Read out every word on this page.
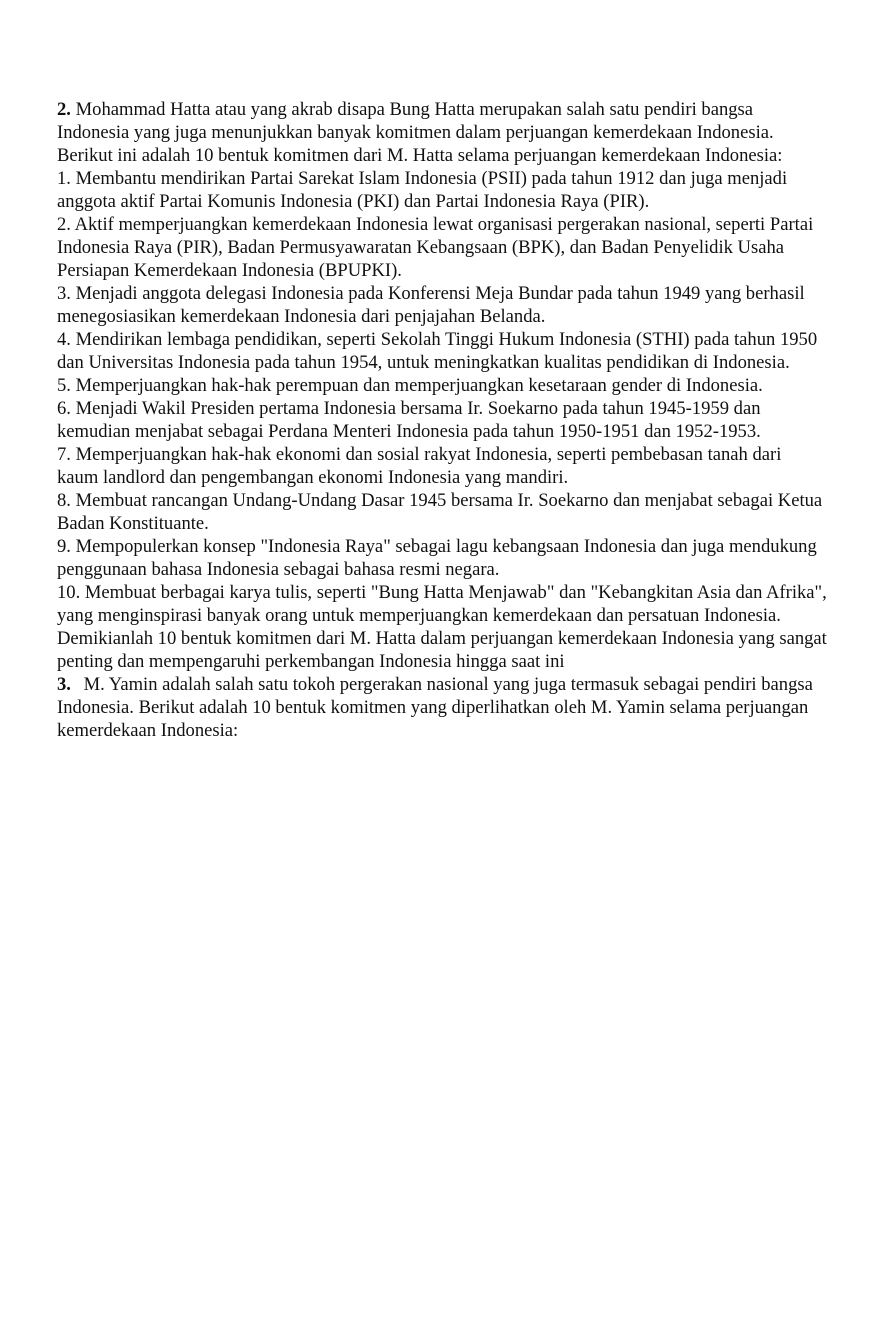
2. Mohammad Hatta atau yang akrab disapa Bung Hatta merupakan salah satu pendiri bangsa Indonesia yang juga menunjukkan banyak komitmen dalam perjuangan kemerdekaan Indonesia. Berikut ini adalah 10 bentuk komitmen dari M. Hatta selama perjuangan kemerdekaan Indonesia:

1. Membantu mendirikan Partai Sarekat Islam Indonesia (PSII) pada tahun 1912 dan juga menjadi anggota aktif Partai Komunis Indonesia (PKI) dan Partai Indonesia Raya (PIR).

2. Aktif memperjuangkan kemerdekaan Indonesia lewat organisasi pergerakan nasional, seperti Partai Indonesia Raya (PIR), Badan Permusyawaratan Kebangsaan (BPK), dan Badan Penyelidik Usaha Persiapan Kemerdekaan Indonesia (BPUPKI).

3. Menjadi anggota delegasi Indonesia pada Konferensi Meja Bundar pada tahun 1949 yang berhasil menegosiasikan kemerdekaan Indonesia dari penjajahan Belanda.

4. Mendirikan lembaga pendidikan, seperti Sekolah Tinggi Hukum Indonesia (STHI) pada tahun 1950 dan Universitas Indonesia pada tahun 1954, untuk meningkatkan kualitas pendidikan di Indonesia.

5. Memperjuangkan hak-hak perempuan dan memperjuangkan kesetaraan gender di Indonesia.

6. Menjadi Wakil Presiden pertama Indonesia bersama Ir. Soekarno pada tahun 1945-1959 dan kemudian menjabat sebagai Perdana Menteri Indonesia pada tahun 1950-1951 dan 1952-1953.

7. Memperjuangkan hak-hak ekonomi dan sosial rakyat Indonesia, seperti pembebasan tanah dari kaum landlord dan pengembangan ekonomi Indonesia yang mandiri.

8. Membuat rancangan Undang-Undang Dasar 1945 bersama Ir. Soekarno dan menjabat sebagai Ketua Badan Konstituante.

9. Mempopulerkan konsep "Indonesia Raya" sebagai lagu kebangsaan Indonesia dan juga mendukung penggunaan bahasa Indonesia sebagai bahasa resmi negara.

10. Membuat berbagai karya tulis, seperti "Bung Hatta Menjawab" dan "Kebangkitan Asia dan Afrika", yang menginspirasi banyak orang untuk memperjuangkan kemerdekaan dan persatuan Indonesia.

Demikianlah 10 bentuk komitmen dari M. Hatta dalam perjuangan kemerdekaan Indonesia yang sangat penting dan mempengaruhi perkembangan Indonesia hingga saat ini

3. M. Yamin adalah salah satu tokoh pergerakan nasional yang juga termasuk sebagai pendiri bangsa Indonesia. Berikut adalah 10 bentuk komitmen yang diperlihatkan oleh M. Yamin selama perjuangan kemerdekaan Indonesia:
